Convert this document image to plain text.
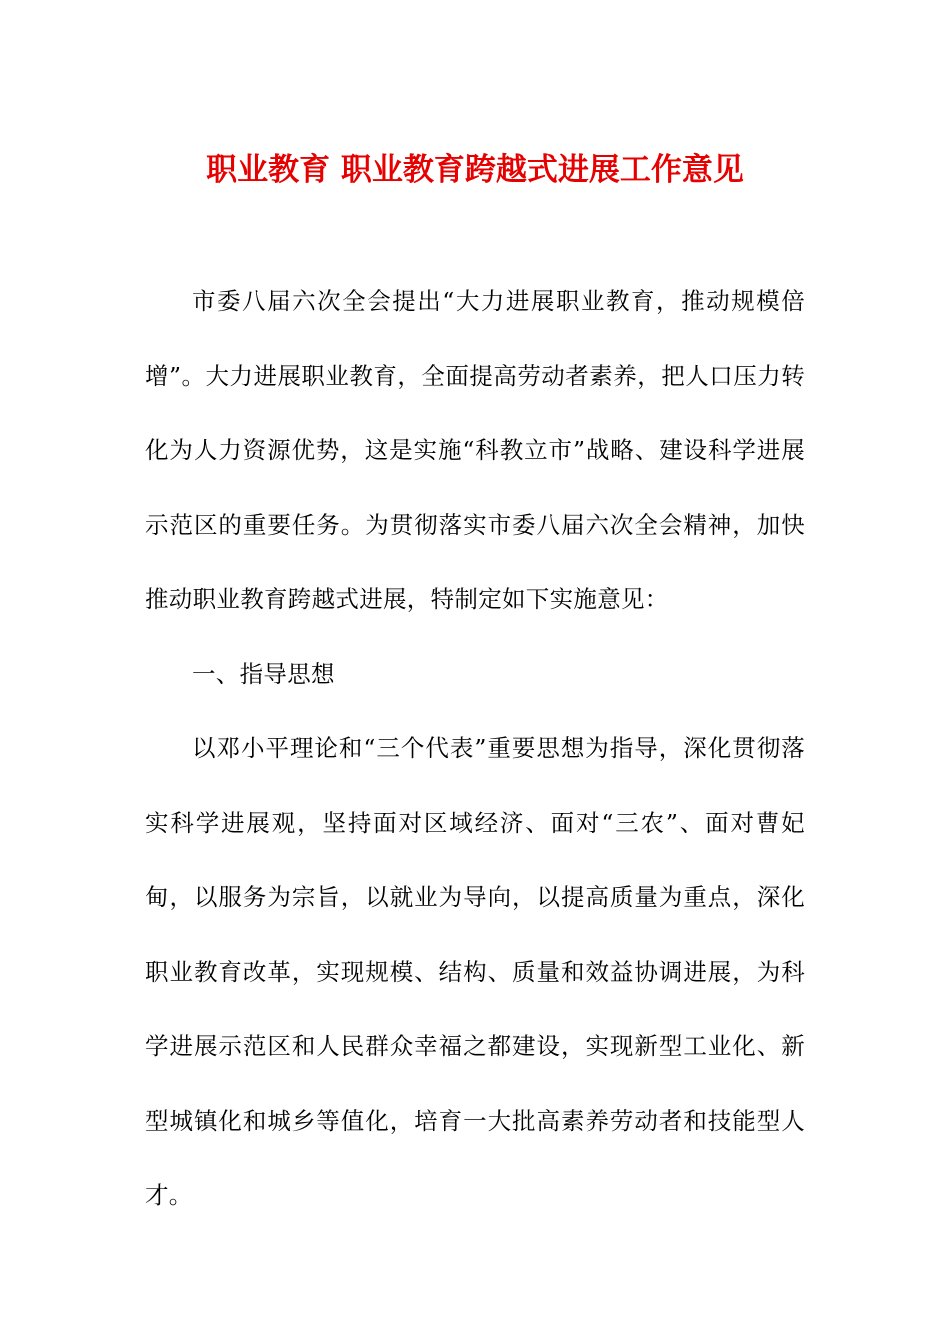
职业教育 职业教育跨越式进展工作意见

市委八届六次全会提出“大力进展职业教育，推动规模倍增”。大力进展职业教育，全面提高劳动者素养，把人口压力转化为人力资源优势，这是实施“科教立市”战略、建设科学进展示范区的重要任务。为贯彻落实市委八届六次全会精神，加快推动职业教育跨越式进展，特制定如下实施意见：

一、指导思想

以邓小平理论和“三个代表”重要思想为指导，深化贯彻落实科学进展观，坚持面对区域经济、面对“三农”、面对曹妃甸，以服务为宗旨，以就业为导向，以提高质量为重点，深化职业教育改革，实现规模、结构、质量和效益协调进展，为科学进展示范区和人民群众幸福之都建设，实现新型工业化、新型城镇化和城乡等值化，培育一大批高素养劳动者和技能型人才。
